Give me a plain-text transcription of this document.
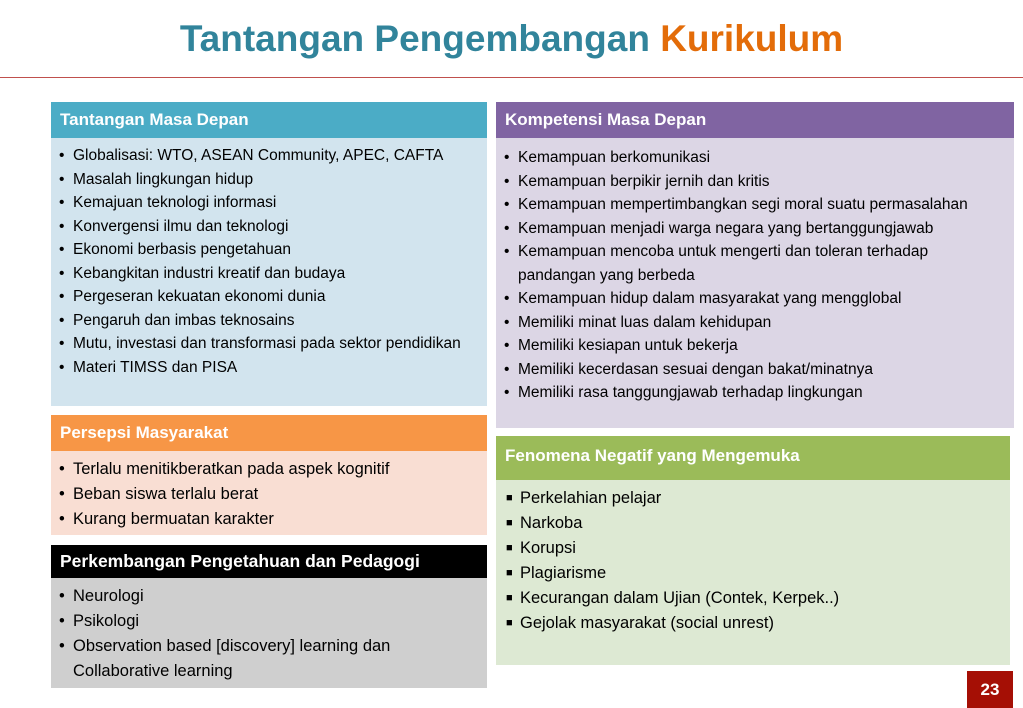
Tantangan Pengembangan Kurikulum
Tantangan Masa Depan
• Globalisasi: WTO, ASEAN Community, APEC, CAFTA
• Masalah lingkungan hidup
• Kemajuan teknologi informasi
• Konvergensi ilmu dan teknologi
• Ekonomi berbasis pengetahuan
• Kebangkitan industri kreatif dan budaya
• Pergeseran kekuatan ekonomi dunia
• Pengaruh dan imbas teknosains
• Mutu, investasi dan transformasi pada sektor pendidikan
• Materi TIMSS dan PISA
Kompetensi Masa Depan
• Kemampuan berkomunikasi
• Kemampuan berpikir jernih dan kritis
• Kemampuan mempertimbangkan segi moral suatu permasalahan
• Kemampuan menjadi warga negara yang bertanggungjawab
• Kemampuan mencoba untuk mengerti dan toleran terhadap pandangan yang berbeda
• Kemampuan hidup dalam masyarakat yang mengglobal
• Memiliki minat luas dalam kehidupan
• Memiliki kesiapan untuk bekerja
• Memiliki kecerdasan sesuai dengan bakat/minatnya
• Memiliki rasa tanggungjawab terhadap lingkungan
Persepsi Masyarakat
• Terlalu menitikberatkan pada aspek kognitif
• Beban siswa terlalu berat
• Kurang bermuatan karakter
Perkembangan Pengetahuan dan Pedagogi
• Neurologi
• Psikologi
• Observation based [discovery] learning dan Collaborative learning
Fenomena Negatif yang Mengemuka
■ Perkelahian pelajar
■ Narkoba
■ Korupsi
■ Plagiarisme
■ Kecurangan dalam Ujian (Contek, Kerpek..)
■ Gejolak masyarakat (social unrest)
23
